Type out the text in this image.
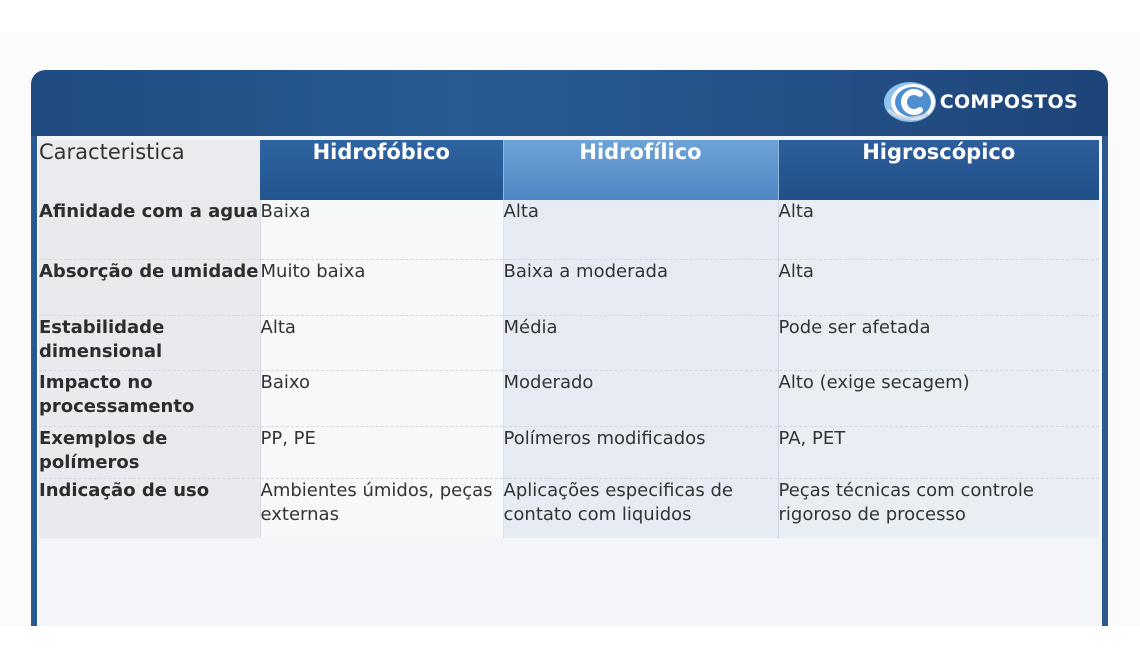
COMPOSTOS
Caracteristica	Hidrofóbico	Hidrofílico	Higroscópico
Afinidade com a agua	Baixa	Alta	Alta
Absorção de umidade	Muito baixa	Baixa a moderada	Alta
Estabilidade dimensional	Alta	Média	Pode ser afetada
Impacto no processamento	Baixo	Moderado	Alto (exige secagem)
Exemplos de polímeros	PP, PE	Polímeros modificados	PA, PET
Indicação de uso	Ambientes úmidos, peças externas	Aplicações especificas de contato com liquidos	Peças técnicas com controle rigoroso de processo
